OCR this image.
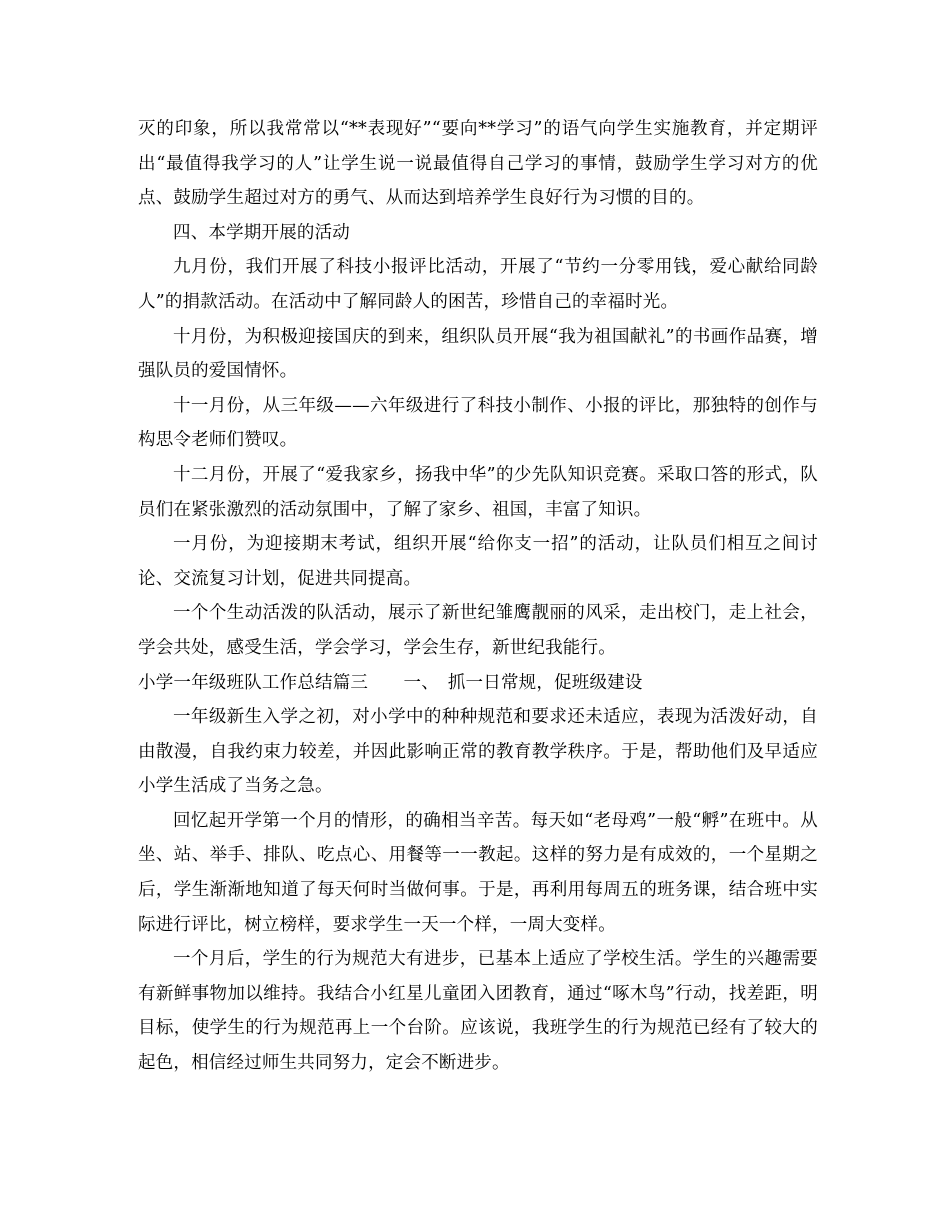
灭的印象，所以我常常以“**表现好”“要向**学习”的语气向学生实施教育，并定期评出“最值得我学习的人”让学生说一说最值得自己学习的事情，鼓励学生学习对方的优点、鼓励学生超过对方的勇气、从而达到培养学生良好行为习惯的目的。

四、本学期开展的活动

九月份，我们开展了科技小报评比活动，开展了“节约一分零用钱，爱心献给同龄人”的捐款活动。在活动中了解同龄人的困苦，珍惜自己的幸福时光。

十月份，为积极迎接国庆的到来，组织队员开展“我为祖国献礼”的书画作品赛，增强队员的爱国情怀。

十一月份，从三年级——六年级进行了科技小制作、小报的评比，那独特的创作与构思令老师们赞叹。

十二月份，开展了“爱我家乡，扬我中华”的少先队知识竞赛。采取口答的形式，队员们在紧张激烈的活动氛围中，了解了家乡、祖国，丰富了知识。

一月份，为迎接期末考试，组织开展“给你支一招”的活动，让队员们相互之间讨论、交流复习计划，促进共同提高。

一个个生动活泼的队活动，展示了新世纪雏鹰靓丽的风采，走出校门，走上社会，学会共处，感受生活，学会学习，学会生存，新世纪我能行。

小学一年级班队工作总结篇三　　一、　抓一日常规，促班级建设

一年级新生入学之初，对小学中的种种规范和要求还未适应，表现为活泼好动，自由散漫，自我约束力较差，并因此影响正常的教育教学秩序。于是，帮助他们及早适应小学生活成了当务之急。

回忆起开学第一个月的情形，的确相当辛苦。每天如“老母鸡”一般“孵”在班中。从坐、站、举手、排队、吃点心、用餐等一一教起。这样的努力是有成效的，一个星期之后，学生渐渐地知道了每天何时当做何事。于是，再利用每周五的班务课，结合班中实际进行评比，树立榜样，要求学生一天一个样，一周大变样。

一个月后，学生的行为规范大有进步，已基本上适应了学校生活。学生的兴趣需要有新鲜事物加以维持。我结合小红星儿童团入团教育，通过“啄木鸟”行动，找差距，明目标，使学生的行为规范再上一个台阶。应该说，我班学生的行为规范已经有了较大的起色，相信经过师生共同努力，定会不断进步。
